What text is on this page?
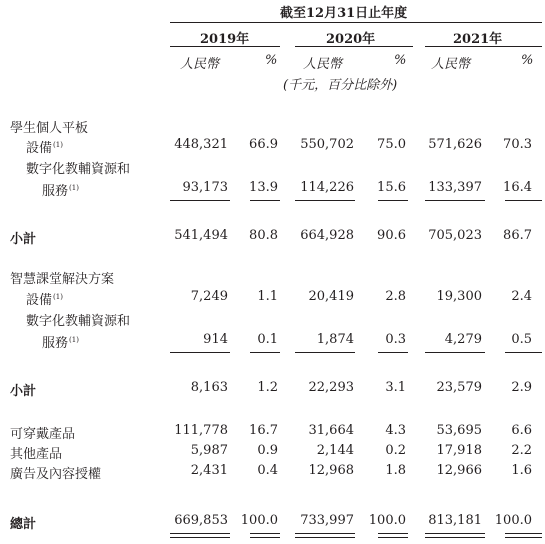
截至12月31日止年度
2019年	2020年	2021年
人民幣	% 人民幣	% 人民幣	%
(千元，百分比除外)
學生個人平板
設備$^{(1)}$	448,321	66.9	550,702	75.0	571,626	70.3
數字化教輔資源和
服務$^{(1)}$	93,173	13.9	114,226	15.6	133,397	16.4
小計	541,494	80.8	664,928	90.6	705,023	86.7
智慧課堂解決方案
設備$^{(1)}$	7,249	1.1	20,419	2.8	19,300	2.4
數字化教輔資源和
服務$^{(1)}$	914	0.1	1,874	0.3	4,279	0.5
小計	8,163	1.2	22,293	3.1	23,579	2.9
可穿戴產品	111,778	16.7	31,664	4.3	53,695	6.6
其他產品	5,987	0.9	2,144	0.2	17,918	2.2
廣告及內容授權	2,431	0.4	12,968	1.8	12,966	1.6
總計	669,853 100.0	733,997 100.0	813,181 100.0
